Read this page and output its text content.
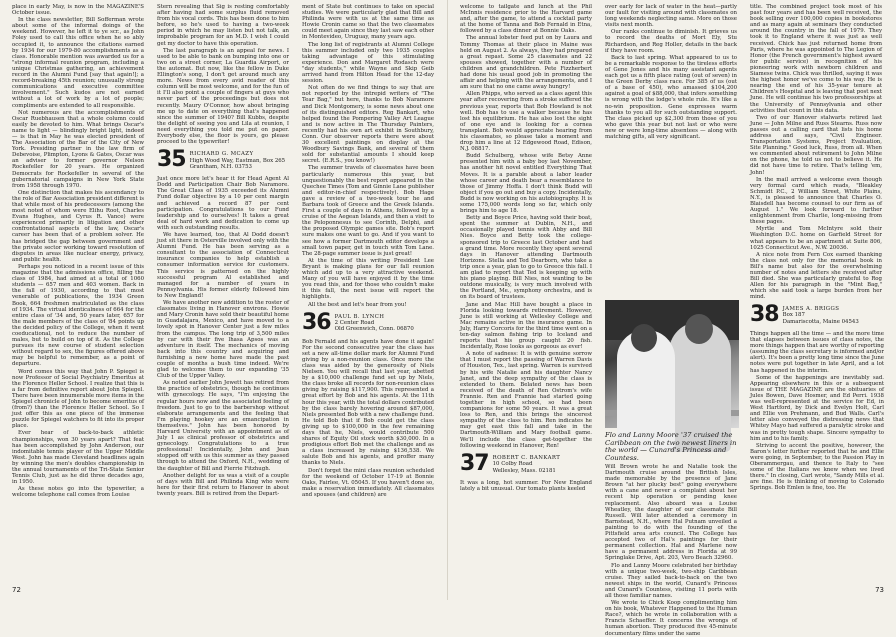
place in early May, is now in the MAGAZINE'S October issue.

In the class newsletter, Bill Sofferman wrote about some of the informal doings of the weekend. However, he left it to ye scr., as John Foley used to call this office when he so ably occupied it, to announce the citations earned by 1934 for our 1979-80 accomplishments as a class. Honorable mention was awarded us for a "strong informal reunion program, including a unique Christmas gathering, an achievement record in the Alumni Fund [say that again!]; a record-breaking 45th reunion; unusually strong communications and executive committee involvement." Such kudos are not earned without a lot of work by a lot of people; compliments are extended to all responsible.

Not numerous are the accomplishments of Oscar Ruebhausen that a whole column could easily be devoted to him. What brings Oscar's name to light — blindingly bright light, indeed — is that in May he was elected president of The Association of the Bar of the City of New York. Presiding partner in the law firm of Debevoise, Plimpton, Lyons & Gates, Oscar was an adviser to former governor Nelson Rockefeller for 20 years. He organized Democrats for Rockefeller in several of the gubernatorial campaigns in New York State from 1958 through 1970.

One distinction that makes his ascendancy to the role of Bar Association president different is that while most of his predecessors (among the most noted of whom were Elihu Root, Charles Evans Hughes, and Cyrus R. Vance) were experienced primarily in litigation and other confrontational aspects of the law, Oscar's career has been that of a problem solver. He has bridged the gap between government and the private sector working toward resolution of disputes in areas like nuclear energy, privacy, and public health.

Perhaps you noticed in a recent issue of this magazine that the admissions office, filling the class of 1984, had aimed at a total of 1060 students — 657 men and 403 women. Back in the fall of 1930, according to that most venerable of publications, the 1934 Green Book, 664 freshmen matriculated as the class of 1934. The virtual identicalness of 664 for the entire class of '34 and, 50 years later, 657 for the male members of the class of '84 points up the decided policy of the College, when it went coeducational, not to reduce the number of males, but to build on top of it. As the College pursues its new course of student selection without regard to sex, the figures offered above may be helpful to remember, as a point of departure.

Word comes this way that John P. Spiegel is now Professor of Social Psychiatry Emeritus at the Florence Heller School. I realize that this is a far from definitive report about John Spiegel. There have been innumerable more items in the Spiegel chronicle of John to become emeritus of (from?) than the Florence Heller School. So I just offer this as one piece of the immense puzzle for Spiegel watchers to fit into its proper place.

Ever hear of back-to-back athletic championships, won 30 years apart? That feat has been accomplished by John Anderson, our indomitable tennis player of the Upper Middle West. John has made Cleveland headlines again by winning the men's doubles championship in the annual tournaments of the Tri-State Senior Tennis Club, just as he did three decades ago, in 1950.

As these notes go into the typewriter, a welcome telephone call comes from Louise

Stern revealing that Sig is resting comfortably after having had some surplus fluid removed from his vocal cords. This has been done to him before, so he's used to having a two-week period in which he may listen but not talk, an improbable program for an M.D. I wish I could get my doctor to have this operation.

The last paragraph is an appeal for news. I used to be able to bank on bumping into one or two on a street corner, La Guardia Airport, or the automat. But now, like the fellow in Duke Ellington's song, I don't get around much any more. News from every avid reader of this column will be most welcome, and for the fun of it I'll also point a couple of fingers at guys who never part of the proceedings but does not recently. Maury O'Connor, how about bringing me up to date on everything that's happened since the summer of 1940? Bill Kubbs, despite the delight of seeing you and Lila at reunion, I need everything you told me put on paper. Everybody else, the floor is yours, go please proceed to the typewriter!

35 RICHARD G. MCAZY
High Wood Way, Eastman, Box 265
Grantham, N.H. 03753

Just once more let's hear it for Head Agent Al Dodd and Participation Chair Bob Naramore. The Great Class of 1935 exceeded its Alumni Fund dollar objective by a 10 per cent margin and achieved a record 87 per cent participation. Congratulations to our Fund leadership and to ourselves! It takes a great deal of hard work and dedication to come up with such outstanding results.

We have learned, too, that Al Dodd doesn't just sit there in Osterville involved only with the Alumni Fund. He has been serving as a consultant to the association of Connecticut insurance companies to help establish a consumer information service for customers. This service is patterned on the highly successful program Al established and managed for a number of years in Pennsylvania. His former elderly followed him to New England!

We have another new addition to the roster of classmates living in Hanover environs. Howie and Mary Cronin have sold their beautiful home in Guadalajara, Mexico, and have moved to a lovely spot in Hanover Center just a few miles from the campus. The long trip of 3,500 miles by car with their five lhasa Apsos was an adventure in itself. The mechanics of moving back into this country and acquiring and furnishing a new home have made the past couple of months a bush time indeed. We're glad to welcome them to our expanding '35 Club of the Upper Valley.

As noted earlier John Jewett has retired from the practice of obstetrics, though he continues with gynecology. He says, "I'm enjoying the regular hours now and the associated feeling of freedom. Just to go to the barbershop without elaborate arrangements and the feeling that I'm playing hookey are an emancipation in themselves." John has been honored by Harvard University with an appointment as of July 1 as clinical professor of obstetrics and gynecology. Congratulations to a true professional! Incidentally, John and Jean stopped off with us this summer as they passed through to attend the Oxford, N.H., wedding of the daughter of Bill and Fierrie Fitzhugh.

Another delight for us was a visit of a couple of days with Bill and Philinda King who were here for their first return to Hanover in about twenty years. Bill is retired from the Depart-

ment of State but continues to take on special studies. We were particularly glad that Bill and Philinda were with us at the same time as Howie Cronin came so that the two classmates could meet again since they last saw each other in Montevideo, Uruguay, many years ago.

The long list of registrants at Alumni College this summer included only two 1935 couples taking advantage of this stimulating experience. Don and Margaret Rodasch were "day students," while Wayne and Skip Geib arrived hand from Hilton Head for the 12-day session.

Not often do we find things to say that are not reported by the intrepid writers of "The Tear Bag," but here, thanks to Bob Naramore and Dick Montgomery, is some news about one of its distinguished editors. Reg Bankart, who helped found the Pompering Valley Art League and is now active in The Thursday Painters, recently had his own art exhibit in Southbury, Conn. Our observer reports there were about 30 excellent paintings on display at the Woodbury Savings Bank, and several of them sold for substantial amounts I should keep secret. (E.R.S., you know!)

The summer travels of classmates have been particularly numerous this year, but unquestionably the best report appeared in the Quechee Times (Tom and Ginnie Lane publisher and editor-in-chief respectively). Bob Hage gave a review of a two-week tour he and Barbara took of Greece and the Greek Islands. First a couple of days in Athens, followed by a cruise of the Aegean Islands, and then a visit to the Peloponnesus to see Corinth, Delphi, and the proposed Olympic games site. Bob's report sure makes one want to go. And if you want to see how a former Dartmouth editor develops a small town paper, get in touch with Tom Lane. The 28-page summer issue is just great!

At the time of this writing President Lee Bryant is making plans for our fall reunion which add up to a very attractive weekend. Many of you will have enjoyed it by the time you read this, and for those who couldn't make it this fall, the next issue will report the highlights.

All the best and let's hear from you!

36 PAUL B. LYNCH
2 Center Road
Old Greenwich, Conn. 06870

Bob Fernald and his agents have done it again! For the second consecutive year the class has set a new all-time dollar mark for Alumni Fund giving by a non-reunion class. Once more the class was aided by the generosity of Niels Nielsen. You will recall that last year, abetted by a $10,000 challenge fund set up by Niels, the class broke all records for non-reunion class giving by raising $117,900. This represented a great effort by Bob and his agents. At the 11th hour this year, with the total dollars contributed by the class barely hovering around $87,000, Niels presented Bob with a new challenge fund. He told Bob that if Bob could get the class giving up to $100,000 in the few remaining days that he, Niels, would contribute 500 shares of Equity Oil stock worth $30,000. In a prodigious effort Bob met the challenge and as a class increased by raising $136,538. We salute Bob and his agents, and proffer many thanks to Niels.

Don't forget the mini class reunion scheduled for the weekend of October 17-19 at Bonnie Oaks, Fairlee, Vt. 05045. If you haven't done so, make a reservation immediately. All classmates and spouses (and children) are

72

welcome to tailgate and lunch at the Phil McInnis residence prior to the Harvard game and, after the game, to attend a cocktail party at the home of Tanna and Bob Fernald in Etna, followed by a class dinner at Bonnie Oaks.

The annual lobster feed put on by Laura and Tommy Thomas at their place in Maine was held on August 2. As always, they had prepared a great repast. Some 25 classmates and 22 spouses showed, together with a number of children and grandchildren. Pete Fizzherbert had done his usual good job in promoting the affair and helping with the arrangements, and I am sure that no one came away hungry!

Allen Phipps, who served as a class agent this year after recovering from a stroke suffered the previous year, reports that Bob Howland is not well. Bob has to use a walker because he has lost his equilibrium. He has also lost the sight of one eye and is looking for a cornea transplant. Bob would appreciate hearing from his classmates, so please take a moment and drop him a line at 12 Edgewood Road, Edison, N.J. 08817.

Budd Schulberg, whose wife Betsy Anne presented him with a baby boy last November, has another hit novel entitled Everything That Moves. It is a parable about a labor leader whose career and death bear a resemblance to those of Jimmy Hoffa. I don't think Budd will object if you go out and buy a copy. Incidentally, Budd is now working on his autobiography. It is some 175,000 words long so far, which only brings him to age 18.

Betty and Boyce Price, having sold their boat, spent the summer at Dublin, N.H., and occasionally played tennis with Abby and Bill Nies. Boyce and Betty took the college-sponsored trip to Greece last October and had a grand time. More recently they spent several days in Hanover attending Dartmouth Horizons. Stella and Ted Dearborn, who take a trip once a year, plan to go to Greece this fall. I am glad to report that Ted is keeping up with his piano playing. Bill Nies, not wanting to be outdone musically, is very much involved with the Portland, Me., symphony orchestra, and is on its board of trustees.

Jane and Mac Hill have bought a place in Florida looking towards retirement. However, June is still working at Wellesley College and Mac remains active in the insurance game. In July, Harry Corcoris for the third time went on a ten-day salmon fishing trip to Iceland and reports that his group caught 20 fish. Incidentally, Rose looks as gorgeous as ever!

A note of sadness: It is with genuine sorrow that I must report the passing of Warren Davis of Houston, Tex., last spring. Warren is survived by his wife Natalie and his daughter Nancy Janet, and the deep sympathy of the class is extended to them. Belated news has been received of the death of Ren Ostrom's wife Frannie. Ren and Frannie had started going together in high school, so had been companions for some 50 years. It was a great loss to Ren, and this brings the sincerest sympathy of the class to him. Ren indicates he may get east this fall and take in the Dartmouth-William and Mary football game. We'll include the class get-together the following weekend in Hanover, Ren!

37 ROBERT C. BANKART
10 Colby Road
Wellesley, Mass. 02181

It was a long, hot summer. For New England lately a bit unusual. Our tomato plants keeled

over early for lack of water in the heat—partly our fault for visiting around with classmates on long weekends neglecting same. More on those visits next month.

Our ranks continue to diminish. It grieves us to record the deaths of Mort Ely, Stu Richardson, and Reg Holler, details in the back if they have room.

Back to last spring. What appeared to us to be a remarkable response to the tireless efforts of Gene Jones and his many assistant agents each got us a fifth place rating (out of seven) in the Green Derby class race. For 385 of us (out of a base of 450), who amassed $104,200 against a goal of $88,000, that infers something is wrong with the lodge's whole rule. It's like a no-win proposition. Gene expresses warm thanks to you all for such outstanding support. The class picked up $2,300 from those of you who gave this year but not last or who were new or were long-time absentees — along with matching gifts, all very significant.

title. The combined project took most of his past four years and has been well received, the book selling over 100,000 copies in bookstores and as many again at seminars they conducted around the country in the fall of 1979. They took it to England where it was just as well received. Chick has just returned home from Paris, where he was appointed to The Legion of Honor (the French government's highest award for public service) in recognition of his pioneering work with newborn children and Siamese twins. Chick was thrilled, saying it was the highest honor we've come to his way. He is nearing the end of his 35-year tenure at Children's Hospital and is leaving that post next June. He will continue his two professorships at the University of Pennsylvania and other activities that count in this data.

Two of our Hanover stalwarts retired last June — John Milne and Russ Stearns. Russ now passes out a calling card that lists his home address and says, "Civil Engineer. Transportation Systems, Project Evaluation, Site Planning." Good luck, Russ, from all. When we commented about retirement to John Milne on the phone, he told us not to believe it. He did not have time to retire. That's telling 'em, John!

In the mail arrived a welcome even though very formal card which reads, "Bleakley Schmidt P.C., 2 William Street, White Plains, N.Y., is pleased to announce that Charles O. Blaisdell has become counsel to our firm as of August 1." We look forward to further enlightenment from Charlie, long-missing from these pages.

Myrtle and Tom McIntyre sold their Washington D.C. home on Garfield Street for what appears to be an apartment at Suite 806, 1025 Connecticut Ave., N.W. 20036.

A nice note from Fern Cox earned thanking the class not only for the memorial book in Bill's name but also for the overwhelming number of notes and letters she received after Bill died. She was particularly grateful to Rog Allen for his paragraph in the "Mint Bag," which she said took a large burden from her mind.

Flo and Lanny Moore '37 cruised the Caribbean on the two newest liners in the world — Cunard's Princess and Countess.
73
38 JAMES A. BRIGGS
Box 187
Damariscotta, Maine 04543

Things happen all the time — and the more time that elapses between issues of class notes, the more things happen that are worthy of reporting (assuming the class secretary is informed and/or alert). It's been a pretty long time since the June notes were put together in late April, and a lot has happened in the interim.

Some of the happenings are inevitably sad. Appearing elsewhere in this or a subsequent issue of THE MAGAZINE are the obituaries of Jules Bowen, Dave Hosmer, and Ed Perri. 1938 was well-represented at the service for Ed, in West Hartford, by Dick and Evelyn Holt, Carl and Ellie von Prehmann, and Bud Walls. Carl's letter also conveyed the distressing news that Whitey Mayo had suffered a paralytic stroke and was in pretty tough shape. Sincere sympathy to him and to his family.

Striving to accent the positive, however, the Baron's letter further reported that he and Ellie were going, in September, to the Passion Play in Oberammergau, and thence to Italy to "see some of the Italians we knew when we lived there." In closing, Carl wrote, "Sandy Mills et al. are fine. He is thinking of moving to Colorado Springs. Bob Emlen is fine, too. He

Will Brown wrote he and Natalie took the Dartmouth cruise around the British Isles, made memorable by the presence of Jane Brown "at her plucky best" going everywhere with a cane and never a complaint about her recent hip operation or pending knee replacement. Also aboard was a Louise Wheatley, the daughter of our classmate Bill Russell. Will later attended a ceremony in Barnstead, N.H., where Hal Putnam unveiled a painting to do with the founding of the Pittsfield area arts council. The College has accepted two of Hal's paintings for their permanent collection. Hal and Marlene now have a permanent address in Florida at 99 Springlake Drive, Apt. 203, Vero Beach 32960.

Flo and Lanny Moore celebrated her birthday with a unique two-week, two-ship Caribbean cruise. They sailed back-to-back on the two newest ships in the world, Cunard's Princess and Cunard's Countess, visiting 11 ports with all those familiar names.

We wrote to Chick Koop complimenting him on his book, Whatever Happened to the Human Race?, which he wrote in collaboration with a Francis Schaeffer. It concerns the wrongs of human abortion. They produced five 45-minute documentary films under the same
